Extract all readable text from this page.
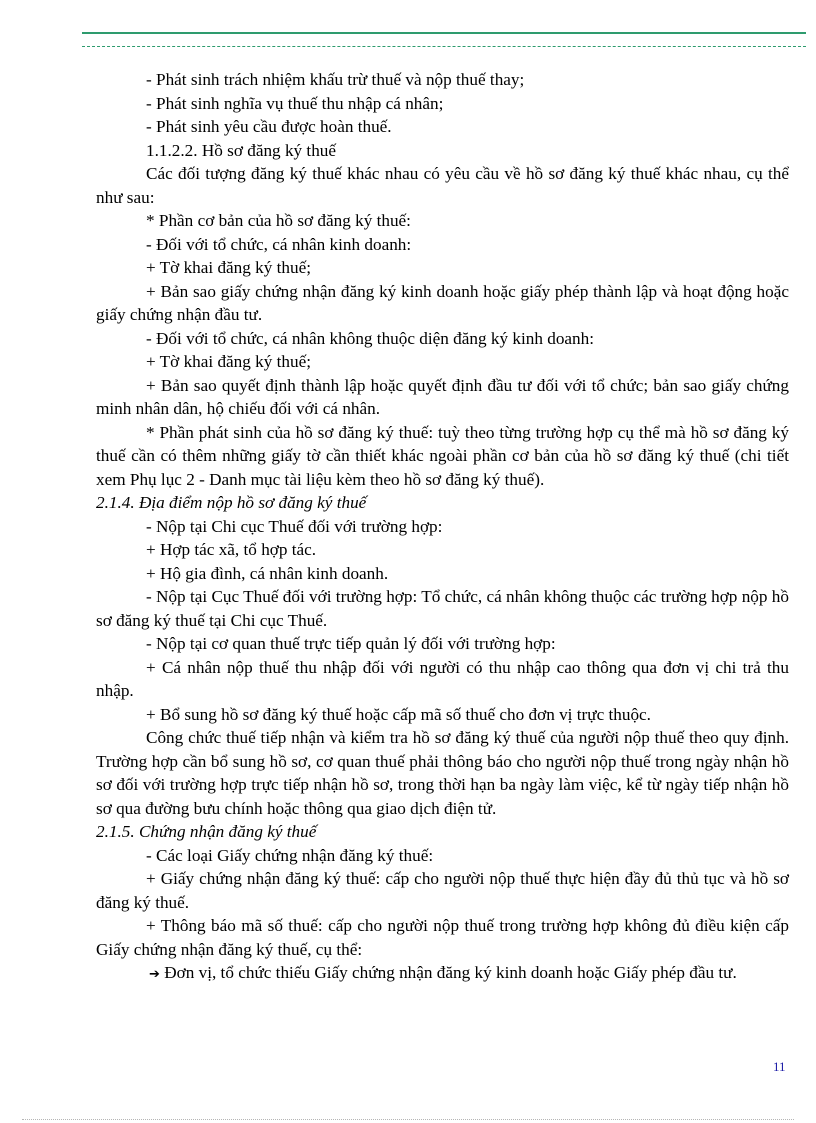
- Phát sinh trách nhiệm khấu trừ thuế và nộp thuế thay;

- Phát sinh nghĩa vụ thuế thu nhập cá nhân;

- Phát sinh yêu cầu được hoàn thuế.

1.1.2.2. Hồ sơ đăng ký thuế

Các đối tượng đăng ký thuế khác nhau có yêu cầu về hồ sơ đăng ký thuế khác nhau, cụ thể như sau:

* Phần cơ bản của hồ sơ đăng ký thuế:

- Đối với tổ chức, cá nhân kinh doanh:

+ Tờ khai đăng ký thuế;

+ Bản sao giấy chứng nhận đăng ký kinh doanh hoặc giấy phép thành lập và hoạt động hoặc giấy chứng nhận đầu tư.

- Đối với tổ chức, cá nhân không thuộc diện đăng ký kinh doanh:

+ Tờ khai đăng ký thuế;

+ Bản sao quyết định thành lập hoặc quyết định đầu tư đối với tổ chức; bản sao giấy chứng minh nhân dân, hộ chiếu đối với cá nhân.

* Phần phát sinh của hồ sơ đăng ký thuế: tuỳ theo từng trường hợp cụ thể mà hồ sơ đăng ký thuế cần có thêm những giấy tờ cần thiết khác ngoài phần cơ bản của hồ sơ đăng ký thuế (chi tiết xem Phụ lục 2 - Danh mục tài liệu kèm theo hồ sơ đăng ký thuế).

2.1.4. Địa điểm nộp hồ sơ đăng ký thuế

- Nộp tại Chi cục Thuế đối với trường hợp:

+ Hợp tác xã, tổ hợp tác.

+ Hộ gia đình, cá nhân kinh doanh.

- Nộp tại Cục Thuế đối với trường hợp: Tổ chức, cá nhân không thuộc các trường hợp nộp hồ sơ đăng ký thuế tại Chi cục Thuế.

- Nộp tại cơ quan thuế trực tiếp quản lý đối với trường hợp:

+ Cá nhân nộp thuế thu nhập đối với người có thu nhập cao thông qua đơn vị chi trả thu nhập.

+ Bổ sung hồ sơ đăng ký thuế hoặc cấp mã số thuế cho đơn vị trực thuộc.

Công chức thuế tiếp nhận và kiểm tra hồ sơ đăng ký thuế của người nộp thuế theo quy định. Trường hợp cần bổ sung hồ sơ, cơ quan thuế phải thông báo cho người nộp thuế trong ngày nhận hồ sơ đối với trường hợp trực tiếp nhận hồ sơ, trong thời hạn ba ngày làm việc, kể từ ngày tiếp nhận hồ sơ qua đường bưu chính hoặc thông qua giao dịch điện tử.

2.1.5. Chứng nhận đăng ký thuế

- Các loại Giấy chứng nhận đăng ký thuế:

+ Giấy chứng nhận đăng ký thuế: cấp cho người nộp thuế thực hiện đầy đủ thủ tục và hồ sơ đăng ký thuế.

+ Thông báo mã số thuế: cấp cho người nộp thuế trong trường hợp không đủ điều kiện cấp Giấy chứng nhận đăng ký thuế, cụ thể:

➔ Đơn vị, tổ chức thiếu Giấy chứng nhận đăng ký kinh doanh hoặc Giấy phép đầu tư.

11
